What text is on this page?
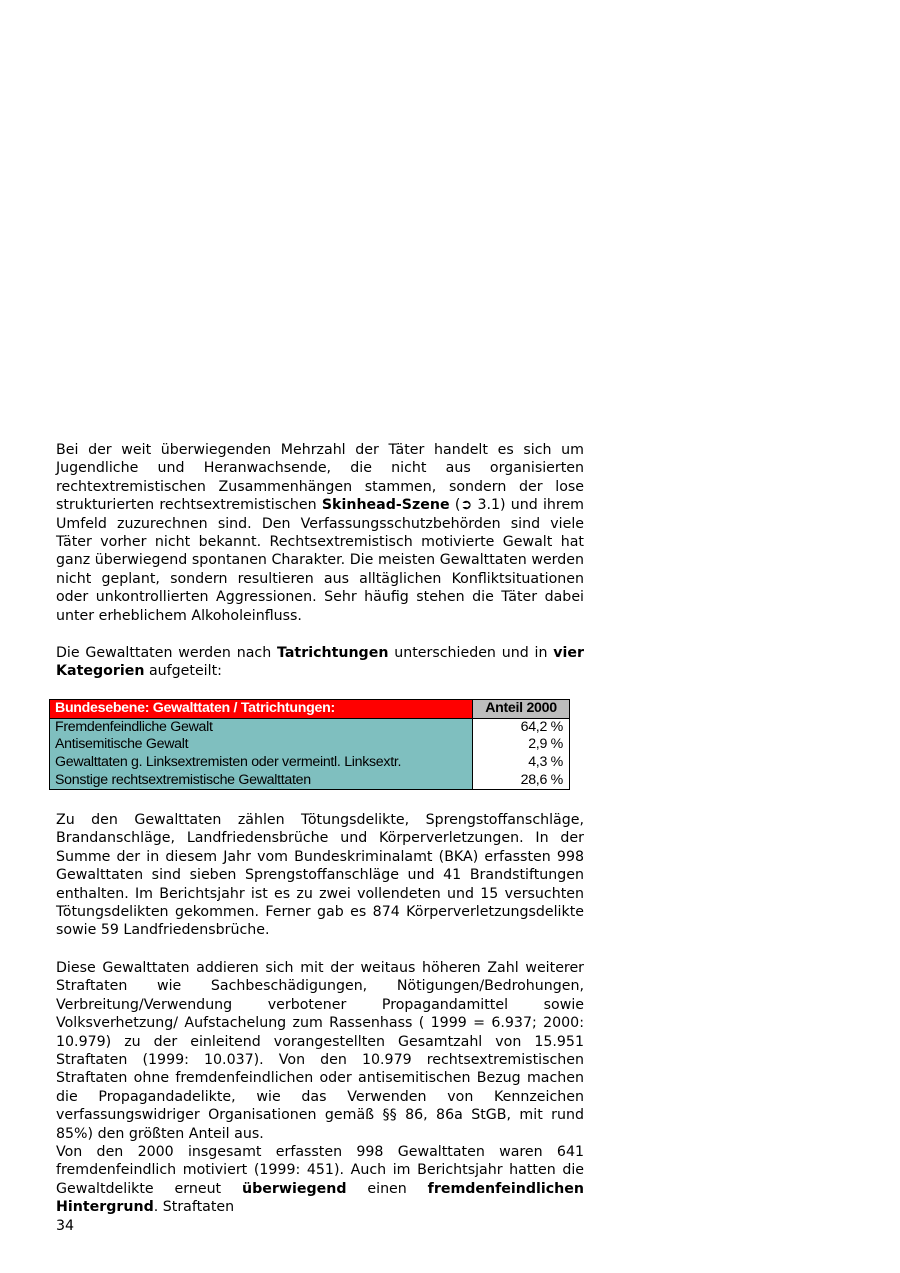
Bei der weit überwiegenden Mehrzahl der Täter handelt es sich um Jugendliche und Heranwachsende, die nicht aus organisierten rechtextremistischen Zusammenhängen stammen, sondern der lose strukturierten rechtsextremistischen Skinhead-Szene (➲ 3.1) und ihrem Umfeld zuzurechnen sind. Den Verfassungsschutzbehörden sind viele Täter vorher nicht bekannt. Rechtsextremistisch motivierte Gewalt hat ganz überwiegend spontanen Charakter. Die meisten Gewalttaten werden nicht geplant, sondern resultieren aus alltäglichen Konfliktsituationen oder unkontrollierten Aggressionen. Sehr häufig stehen die Täter dabei unter erheblichem Alkoholeinfluss.

Die Gewalttaten werden nach Tatrichtungen unterschieden und in vier Kategorien aufgeteilt:

Bundesebene: Gewalttaten / Tatrichtungen:	Anteil 2000
Fremdenfeindliche Gewalt	64,2 %
Antisemitische Gewalt	2,9 %
Gewalttaten g. Linksextremisten oder vermeintl. Linksextr.	4,3 %
Sonstige rechtsextremistische Gewalttaten	28,6 %

Zu den Gewalttaten zählen Tötungsdelikte, Sprengstoffanschläge, Brandanschläge, Landfriedensbrüche und Körperverletzungen. In der Summe der in diesem Jahr vom Bundeskriminalamt (BKA) erfassten 998 Gewalttaten sind sieben Sprengstoffanschläge und 41 Brandstiftungen enthalten. Im Berichtsjahr ist es zu zwei vollendeten und 15 versuchten Tötungsdelikten gekommen. Ferner gab es 874 Körperverletzungsdelikte sowie 59 Landfriedensbrüche.

Diese Gewalttaten addieren sich mit der weitaus höheren Zahl weiterer Straftaten wie Sachbeschädigungen, Nötigungen/Bedrohungen, Verbreitung/Verwendung verbotener Propagandamittel sowie Volksverhetzung/ Aufstachelung zum Rassenhass ( 1999 = 6.937; 2000: 10.979) zu der einleitend vorangestellten Gesamtzahl von 15.951 Straftaten (1999: 10.037). Von den 10.979 rechtsextremistischen Straftaten ohne fremdenfeindlichen oder antisemitischen Bezug machen die Propagandadelikte, wie das Verwenden von Kennzeichen verfassungswidriger Organisationen gemäß §§ 86, 86a StGB, mit rund 85%) den größten Anteil aus.

Von den 2000 insgesamt erfassten 998 Gewalttaten waren 641 fremdenfeindlich motiviert (1999: 451). Auch im Berichtsjahr hatten die Gewaltdelikte erneut überwiegend einen fremdenfeindlichen Hintergrund. Straftaten

34
